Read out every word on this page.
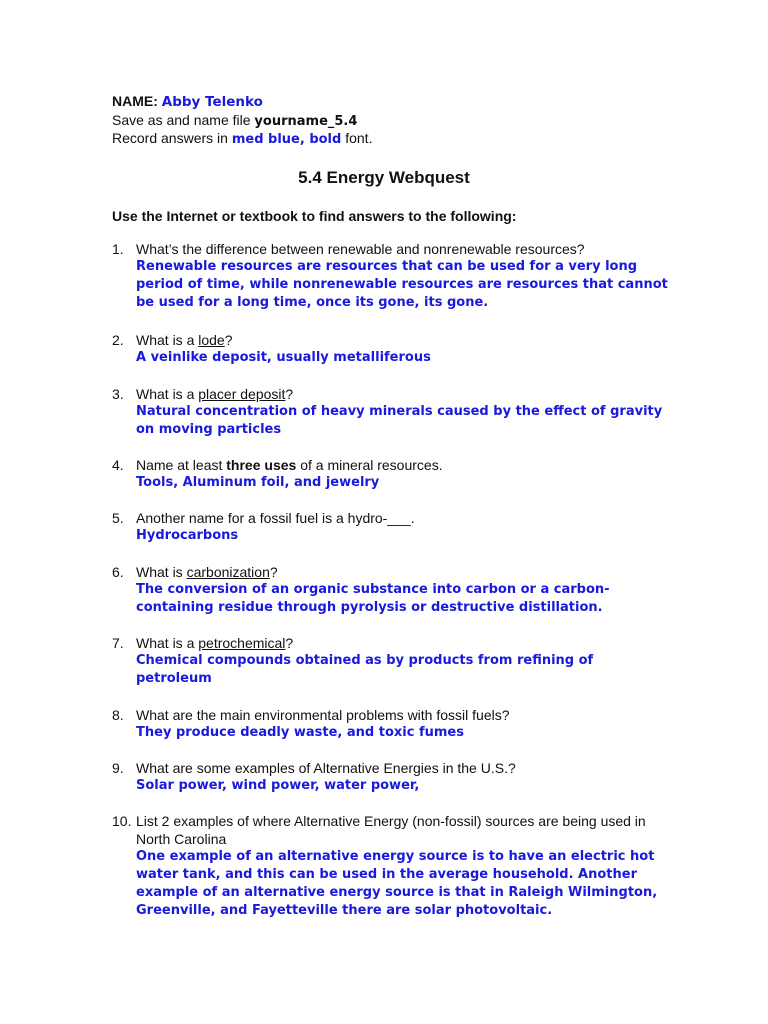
NAME: Abby Telenko
Save as and name file yourname_5.4
Record answers in med blue, bold font.
5.4 Energy Webquest
Use the Internet or textbook to find answers to the following:
1. What’s the difference between renewable and nonrenewable resources?
Renewable resources are resources that can be used for a very long period of time, while nonrenewable resources are resources that cannot be used for a long time, once its gone, its gone.
2. What is a lode?
A veinlike deposit, usually metalliferous
3. What is a placer deposit?
Natural concentration of heavy minerals caused by the effect of gravity on moving particles
4. Name at least three uses of a mineral resources.
Tools, Aluminum foil, and jewelry
5. Another name for a fossil fuel is a hydro-___.
Hydrocarbons
6. What is carbonization?
The conversion of an organic substance into carbon or a carbon-containing residue through pyrolysis or destructive distillation.
7. What is a petrochemical?
Chemical compounds obtained as by products from refining of petroleum
8. What are the main environmental problems with fossil fuels?
They produce deadly waste, and toxic fumes
9. What are some examples of Alternative Energies in the U.S.?
Solar power, wind power, water power,
10. List 2 examples of where Alternative Energy (non-fossil) sources are being used in North Carolina
One example of an alternative energy source is to have an electric hot water tank, and this can be used in the average household. Another example of an alternative energy source is that in Raleigh Wilmington, Greenville, and Fayetteville there are solar photovoltaic.
